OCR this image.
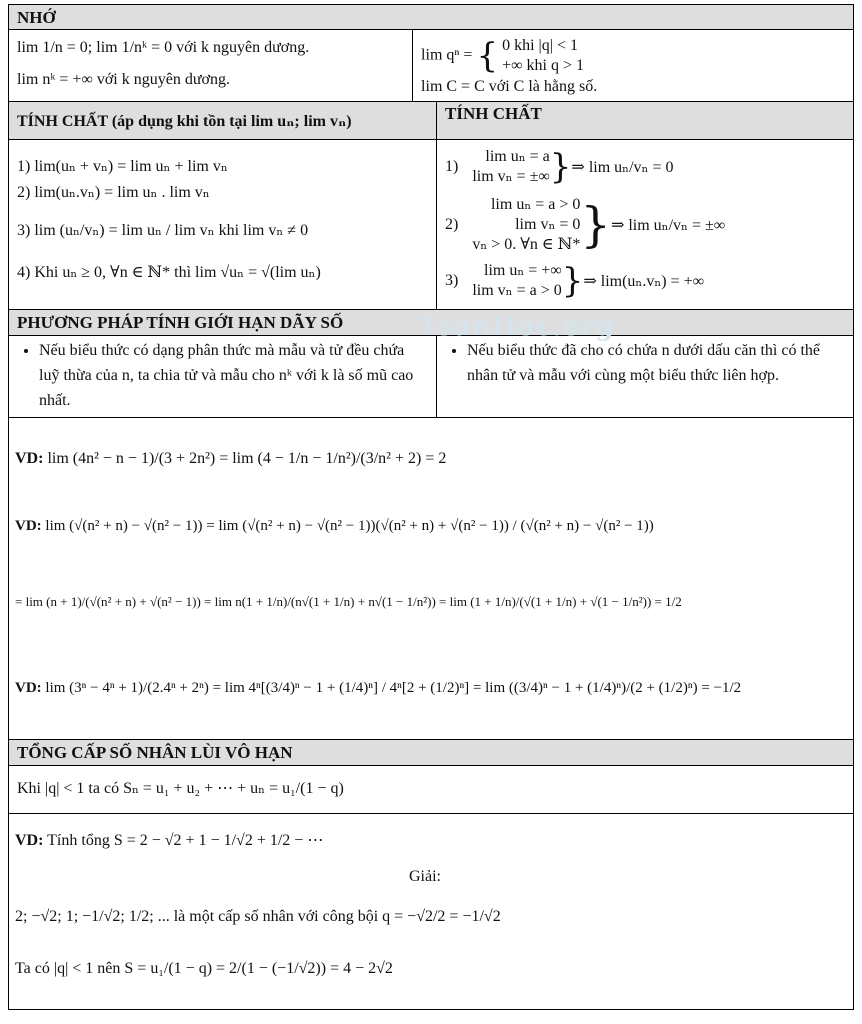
NHỚ
lim 1/n = 0; lim 1/nᵏ = 0 với k nguyên dương.
lim nᵏ = +∞ với k nguyên dương.
lim qⁿ = { 0 khi |q| < 1
+∞ khi q > 1
lim C = C với C là hằng số.
TÍNH CHẤT (áp dụng khi tồn tại lim uₙ; lim vₙ)	TÍNH CHẤT
1) lim(uₙ + vₙ) = lim uₙ + lim vₙ
2) lim(uₙ.vₙ) = lim uₙ . lim vₙ
3) lim (uₙ/vₙ) = lim uₙ / lim vₙ khi lim vₙ ≠ 0
4) Khi uₙ ≥ 0, ∀n ∈ ℕ* thì lim √uₙ = √(lim uₙ)
1)
lim uₙ = a
lim vₙ = ±∞ } ⇒ lim uₙ/vₙ = 0
2)
lim uₙ = a > 0
lim vₙ = 0
vₙ > 0. ∀n ∈ ℕ* } ⇒ lim uₙ/vₙ = ±∞
3)
lim uₙ = +∞
lim vₙ = a > 0 } ⇒ lim(uₙ.vₙ) = +∞
PHƯƠNG PHÁP TÍNH GIỚI HẠN DÃY SỐ
• Nếu biểu thức có dạng phân thức mà mẫu và tử đều chứa luỹ thừa của n, ta chia tử và mẫu cho nᵏ với k là số mũ cao nhất.
• Nếu biểu thức đã cho có chứa n dưới dấu căn thì có thể nhân tử và mẫu với cùng một biểu thức liên hợp.
VD: lim (4n² − n − 1)/(3 + 2n²) = lim (4 − 1/n − 1/n²)/(3/n² + 2) = 2
VD: lim (√(n² + n) − √(n² − 1)) = lim (√(n² + n) − √(n² − 1))(√(n² + n) + √(n² − 1)) / (√(n² + n) − √(n² − 1))
= lim (n + 1)/(√(n² + n) + √(n² − 1)) = lim n(1 + 1/n)/(n√(1 + 1/n) + n√(1 − 1/n²)) = lim (1 + 1/n)/(√(1 + 1/n) + √(1 − 1/n²)) = 1/2
VD: lim (3ⁿ − 4ⁿ + 1)/(2.4ⁿ + 2ⁿ) = lim 4ⁿ[(3/4)ⁿ − 1 + (1/4)ⁿ] / 4ⁿ[2 + (1/2)ⁿ] = lim ((3/4)ⁿ − 1 + (1/4)ⁿ)/(2 + (1/2)ⁿ) = −1/2
TỔNG CẤP SỐ NHÂN LÙI VÔ HẠN
Khi |q| < 1 ta có Sₙ = u₁ + u₂ + ⋯ + uₙ = u₁/(1 − q)
VD: Tính tổng S = 2 − √2 + 1 − 1/√2 + 1/2 − ⋯
Giải:
2; −√2; 1; −1/√2; 1/2; ... là một cấp số nhân với công bội q = −√2/2 = −1/√2
Ta có |q| < 1 nên S = u₁/(1 − q) = 2/(1 − (−1/√2)) = 4 − 2√2
ToanHoc.org
